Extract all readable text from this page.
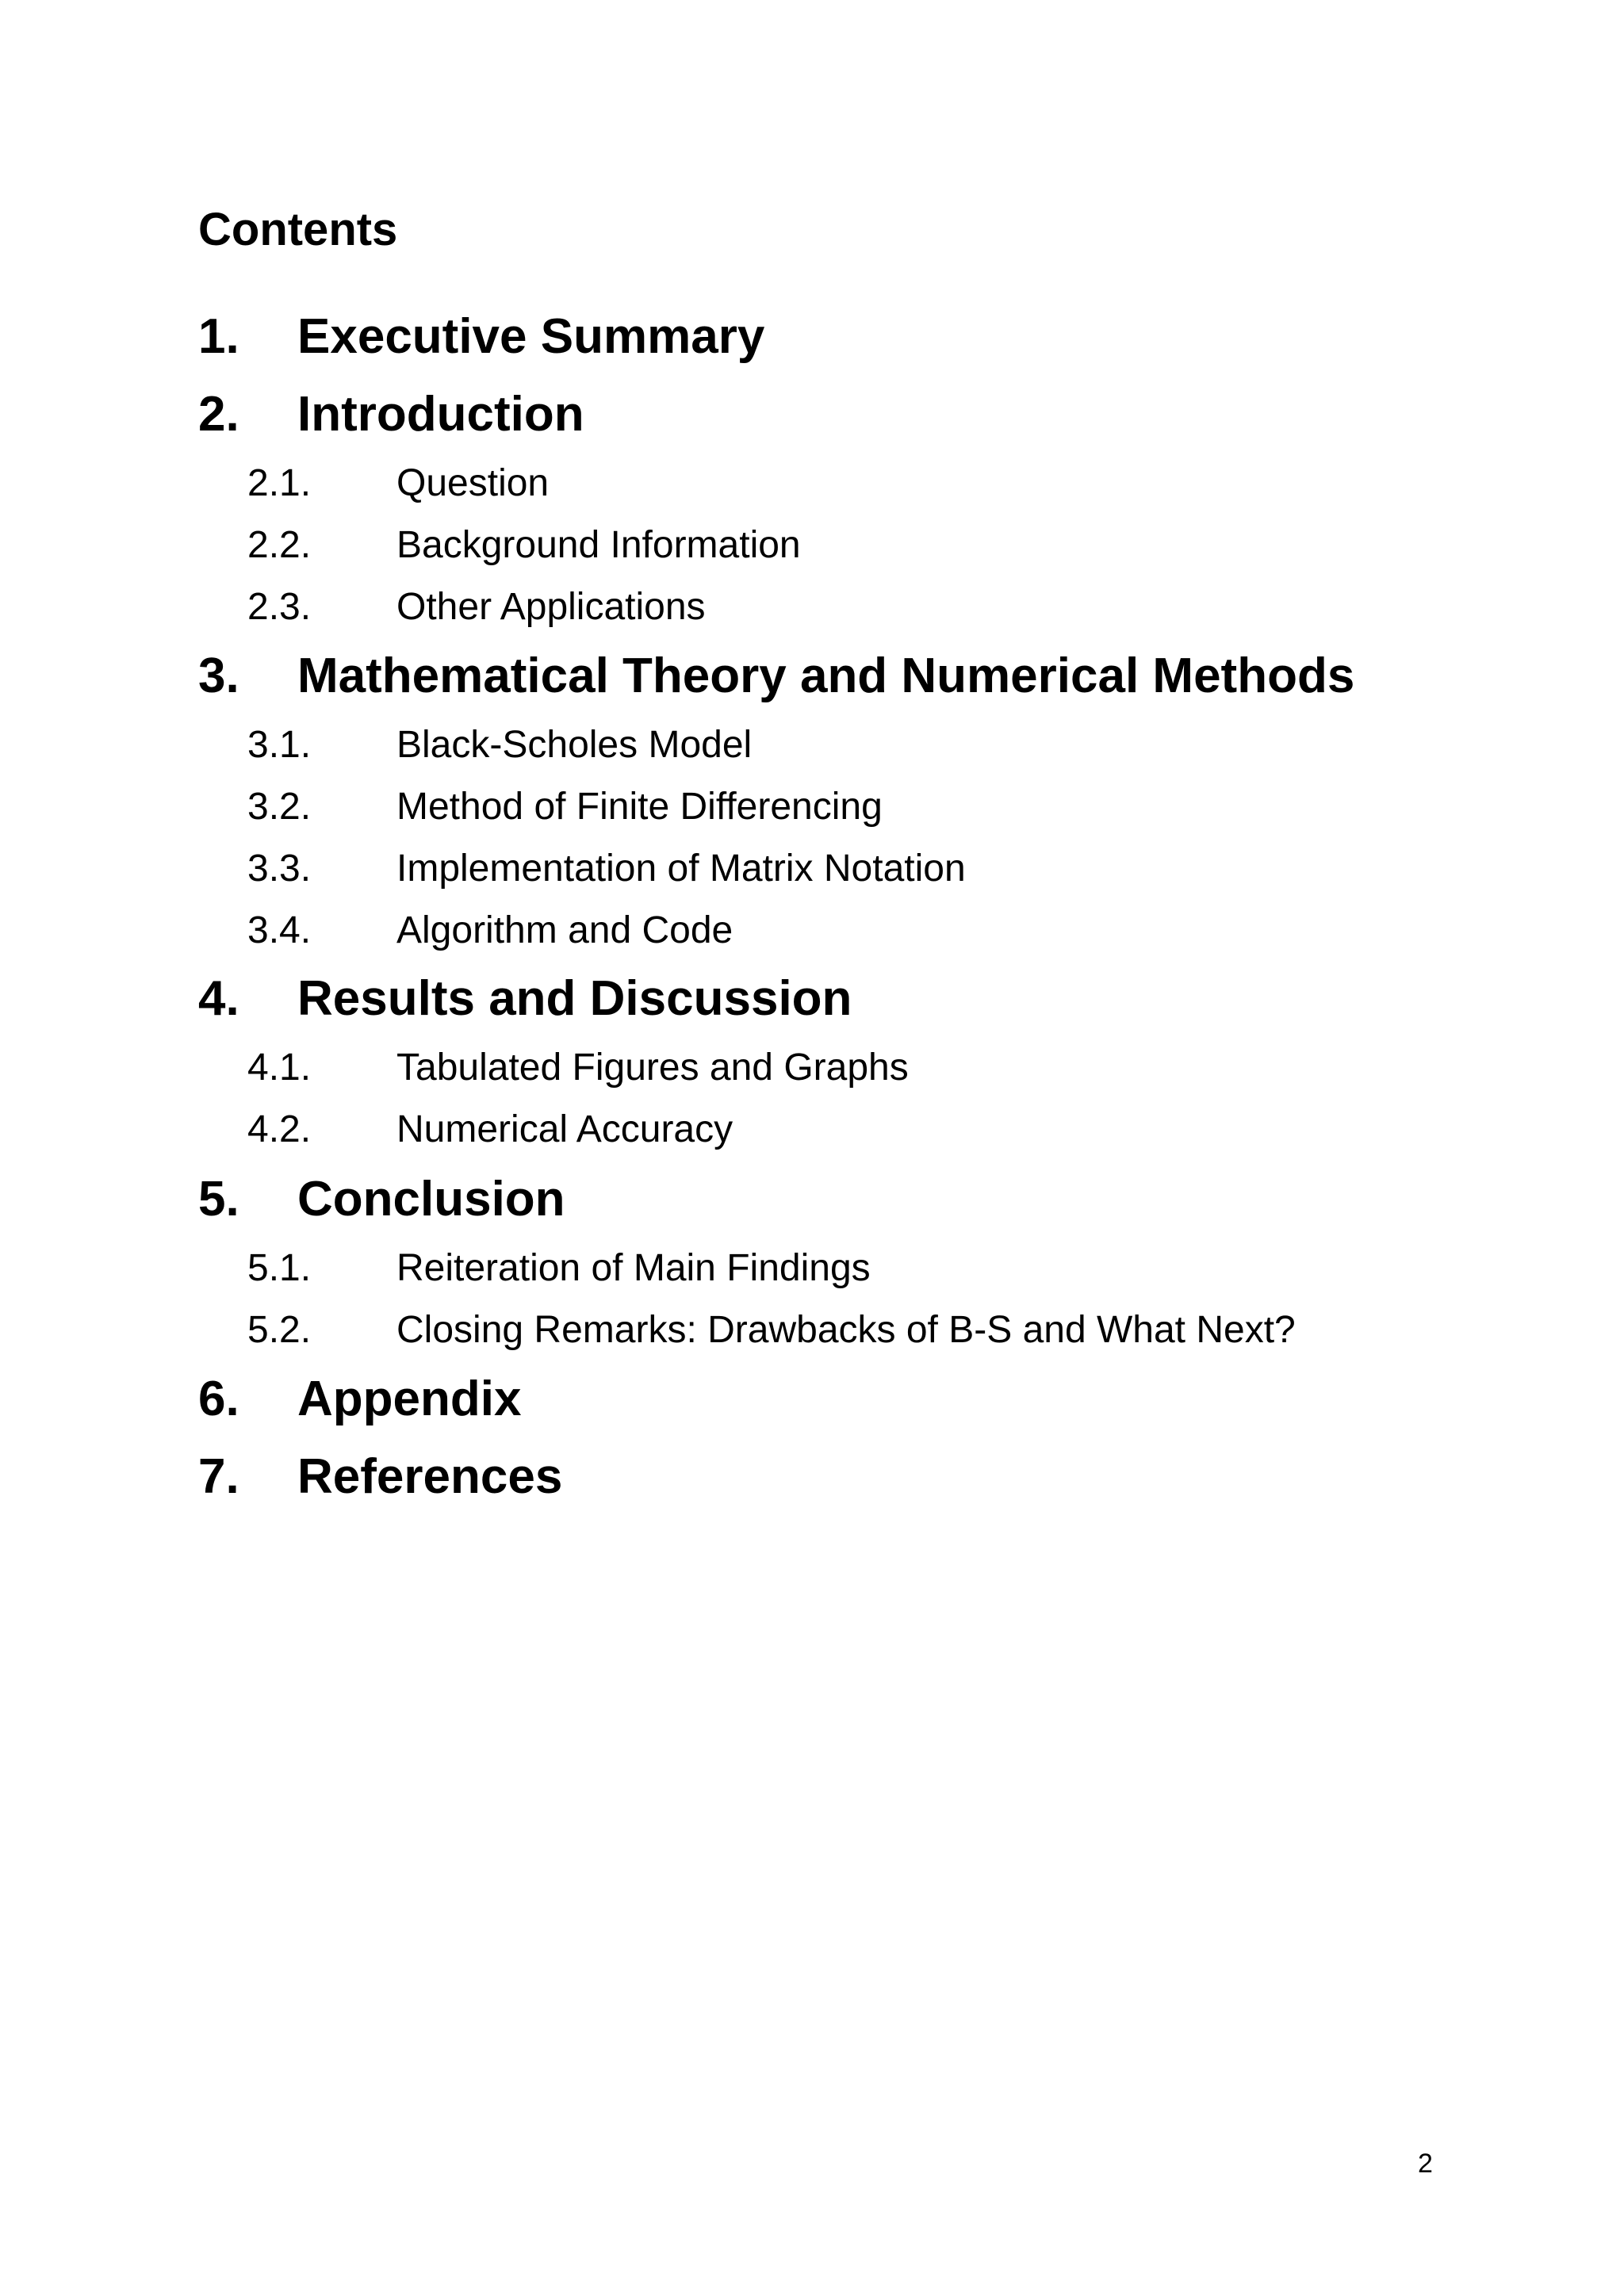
Contents
1. Executive Summary
2. Introduction
2.1. Question
2.2. Background Information
2.3. Other Applications
3. Mathematical Theory and Numerical Methods
3.1. Black-Scholes Model
3.2. Method of Finite Differencing
3.3. Implementation of Matrix Notation
3.4. Algorithm and Code
4. Results and Discussion
4.1. Tabulated Figures and Graphs
4.2. Numerical Accuracy
5. Conclusion
5.1. Reiteration of Main Findings
5.2. Closing Remarks: Drawbacks of B-S and What Next?
6. Appendix
7. References
2
